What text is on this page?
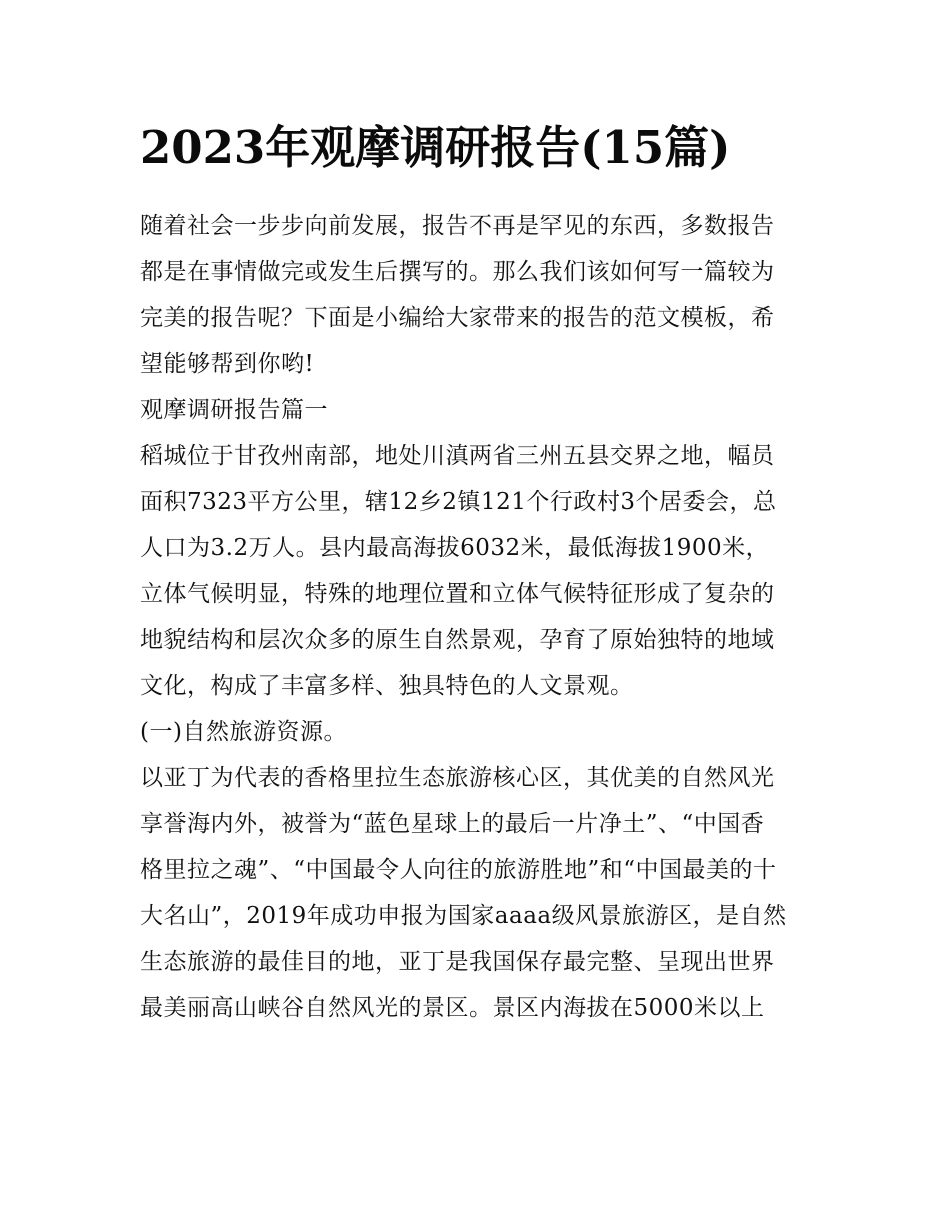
2023年观摩调研报告(15篇)
随着社会一步步向前发展，报告不再是罕见的东西，多数报告
都是在事情做完或发生后撰写的。那么我们该如何写一篇较为
完美的报告呢？下面是小编给大家带来的报告的范文模板，希
望能够帮到你哟!
观摩调研报告篇一
稻城位于甘孜州南部，地处川滇两省三州五县交界之地，幅员
面积7323平方公里，辖12乡2镇121个行政村3个居委会，总
人口为3.2万人。县内最高海拔6032米，最低海拔1900米，
立体气候明显，特殊的地理位置和立体气候特征形成了复杂的
地貌结构和层次众多的原生自然景观，孕育了原始独特的地域
文化，构成了丰富多样、独具特色的人文景观。
(一)自然旅游资源。
以亚丁为代表的香格里拉生态旅游核心区，其优美的自然风光
享誉海内外，被誉为“蓝色星球上的最后一片净土”、“中国香
格里拉之魂”、“中国最令人向往的旅游胜地”和“中国最美的十
大名山”，2019年成功申报为国家aaaa级风景旅游区，是自然
生态旅游的最佳目的地，亚丁是我国保存最完整、呈现出世界
最美丽高山峡谷自然风光的景区。景区内海拔在5000米以上
